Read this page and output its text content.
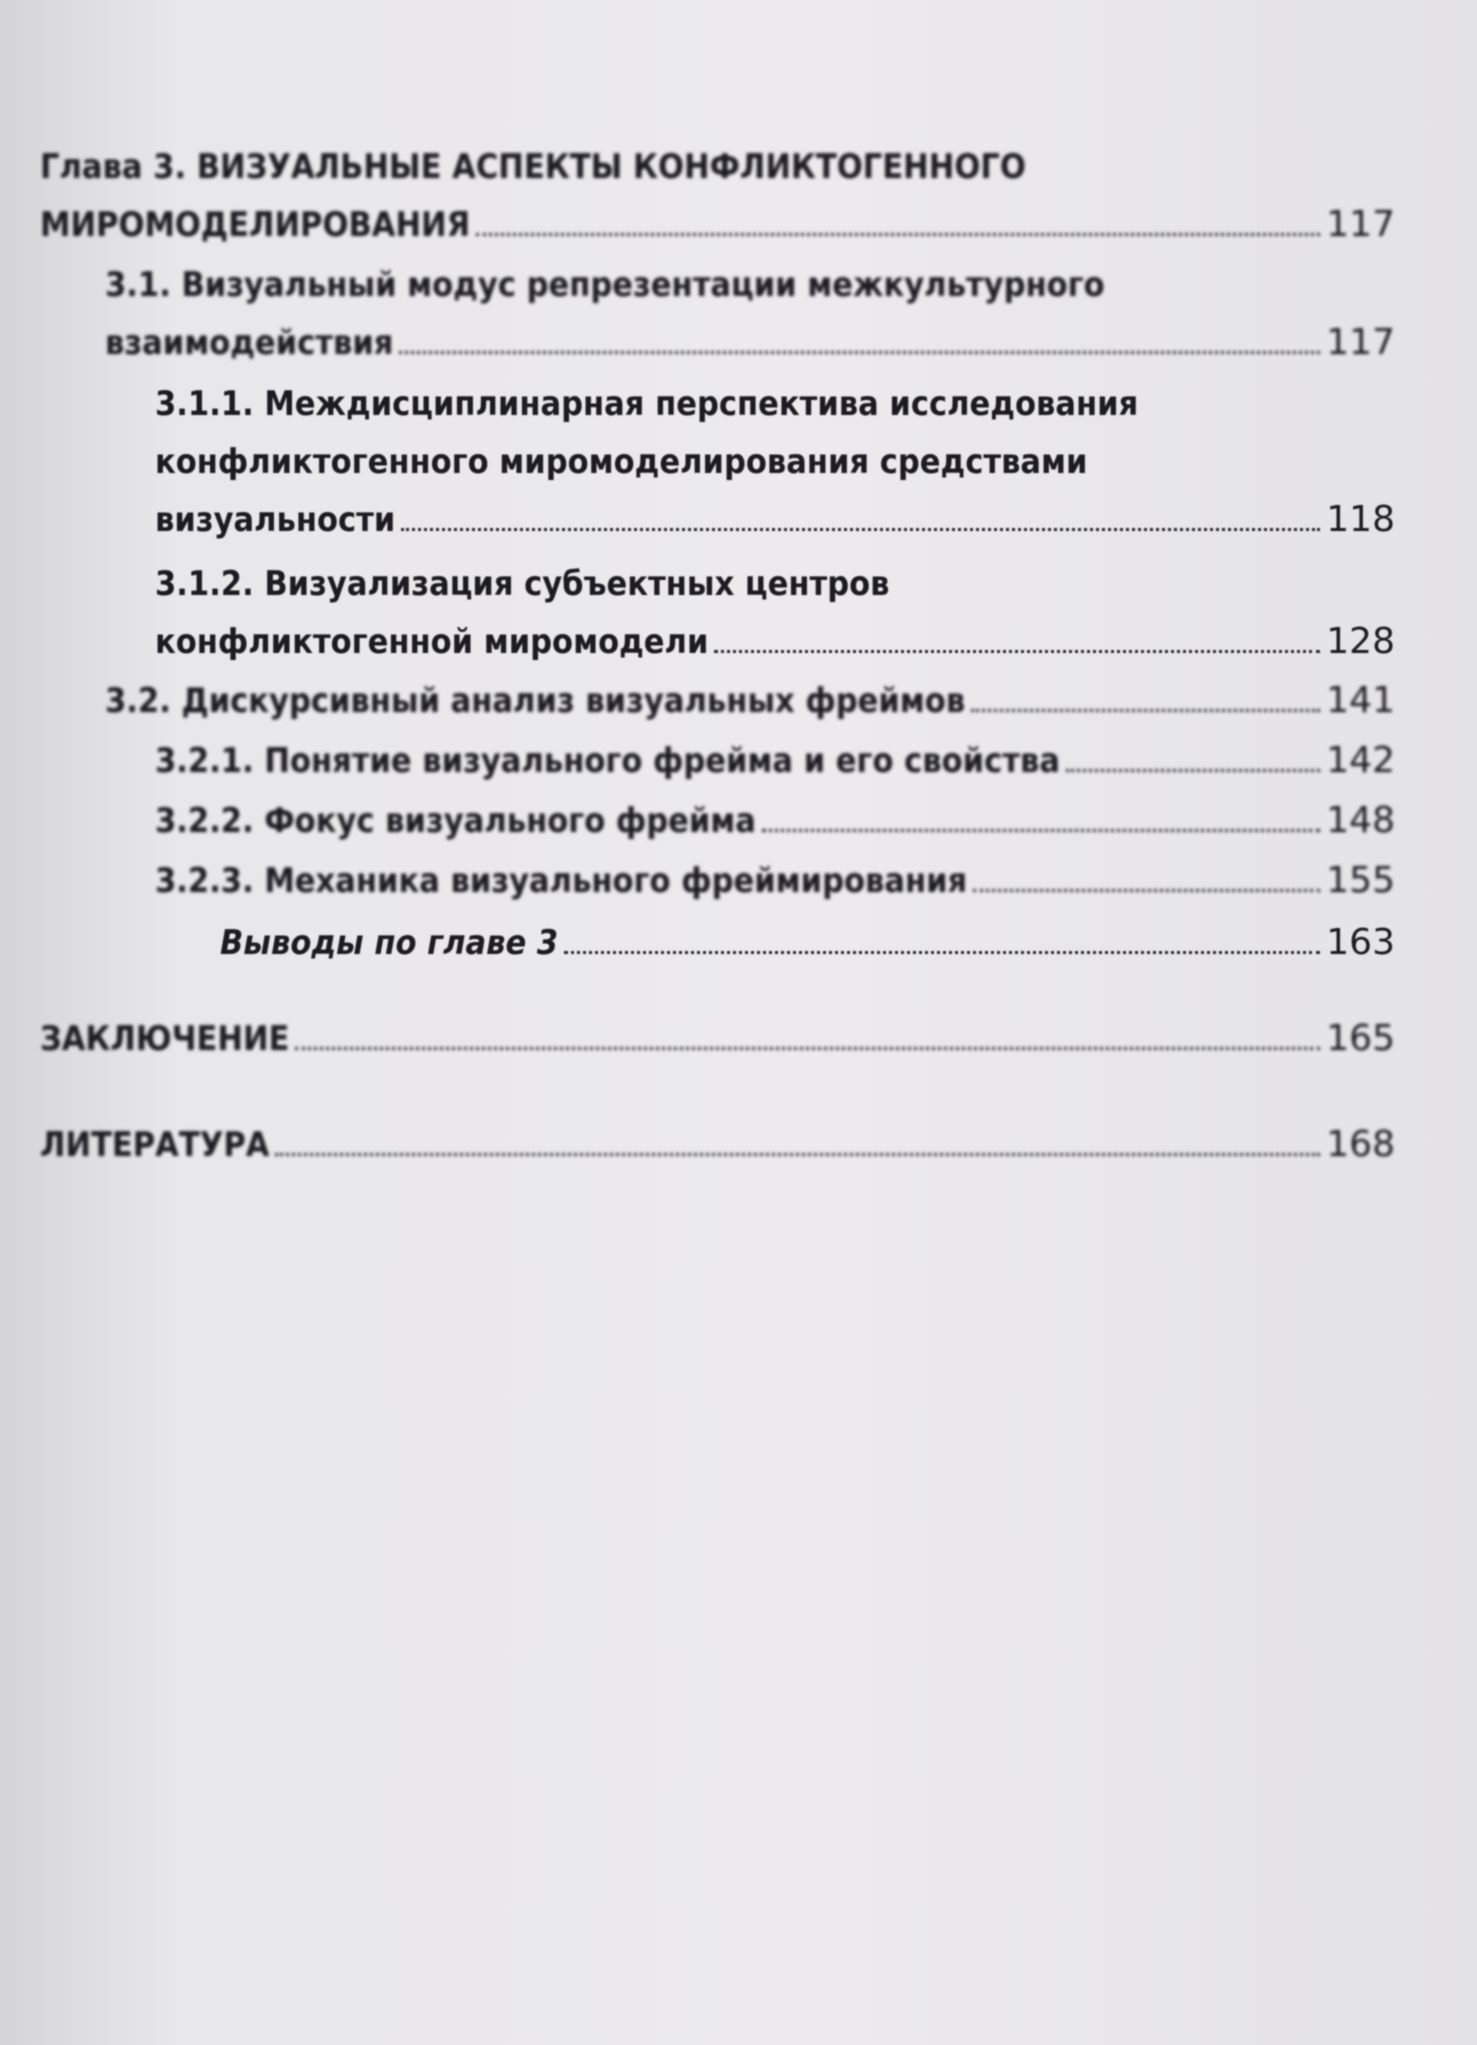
Глава 3. ВИЗУАЛЬНЫЕ АСПЕКТЫ КОНФЛИКТОГЕННОГО
МИРОМОДЕЛИРОВАНИЯ	117
3.1. Визуальный модус репрезентации межкультурного
взаимодействия	117
3.1.1. Междисциплинарная перспектива исследования
конфликтогенного миромоделирования средствами
визуальности	118
3.1.2. Визуализация субъектных центров
конфликтогенной миромодели	128
3.2. Дискурсивный анализ визуальных фреймов	141
3.2.1. Понятие визуального фрейма и его свойства	142
3.2.2. Фокус визуального фрейма	148
3.2.3. Механика визуального фреймирования	155
Выводы по главе 3	163
ЗАКЛЮЧЕНИЕ	165
ЛИТЕРАТУРА	168
